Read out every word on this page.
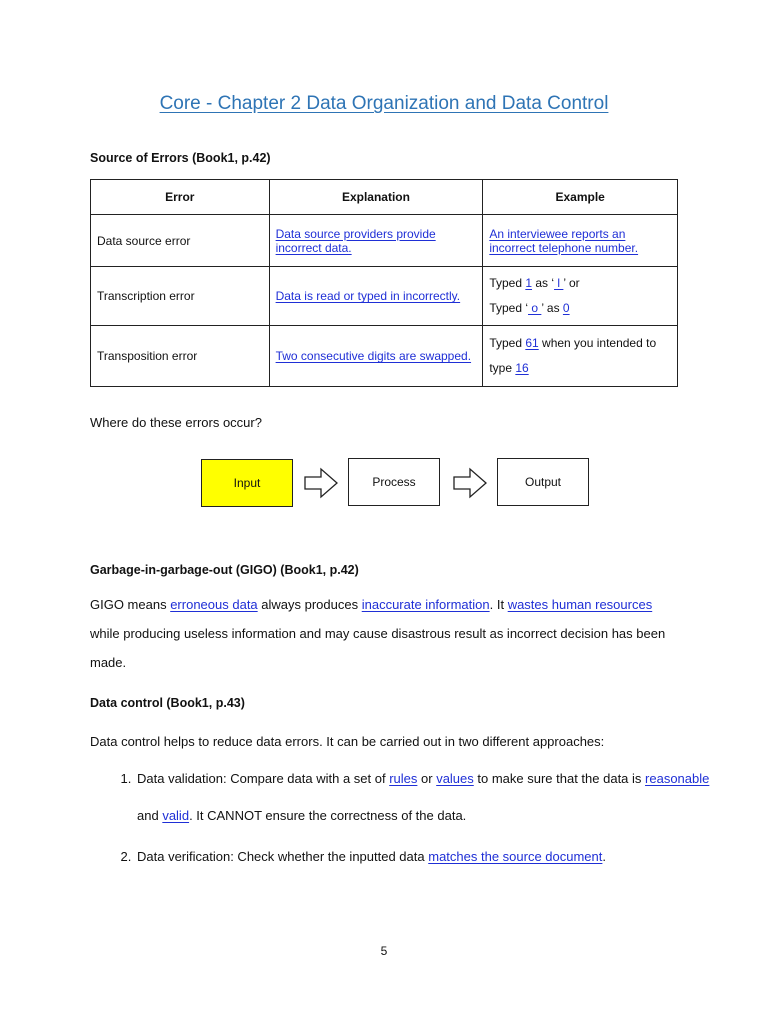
Core - Chapter 2 Data Organization and Data Control
Source of Errors (Book1, p.42)
Error	Explanation	Example
Data source error	Data source providers provide incorrect data.	An interviewee reports an incorrect telephone number.
Transcription error	Data is read or typed in incorrectly.	Typed 1 as ‘ l ’ or
Typed ‘ o ’ as 0

Transposition error	Two consecutive digits are swapped.	Typed 61 when you intended to
type 16
Where do these errors occur?
Input	Process	Output
Garbage-in-garbage-out (GIGO) (Book1, p.42)
GIGO means erroneous data always produces inaccurate information. It wastes human resources while producing useless information and may cause disastrous result as incorrect decision has been made.
Data control (Book1, p.43)
Data control helps to reduce data errors. It can be carried out in two different approaches:
1. Data validation: Compare data with a set of rules or values to make sure that the data is reasonable and valid. It CANNOT ensure the correctness of the data.
2. Data verification: Check whether the inputted data matches the source document.
5
